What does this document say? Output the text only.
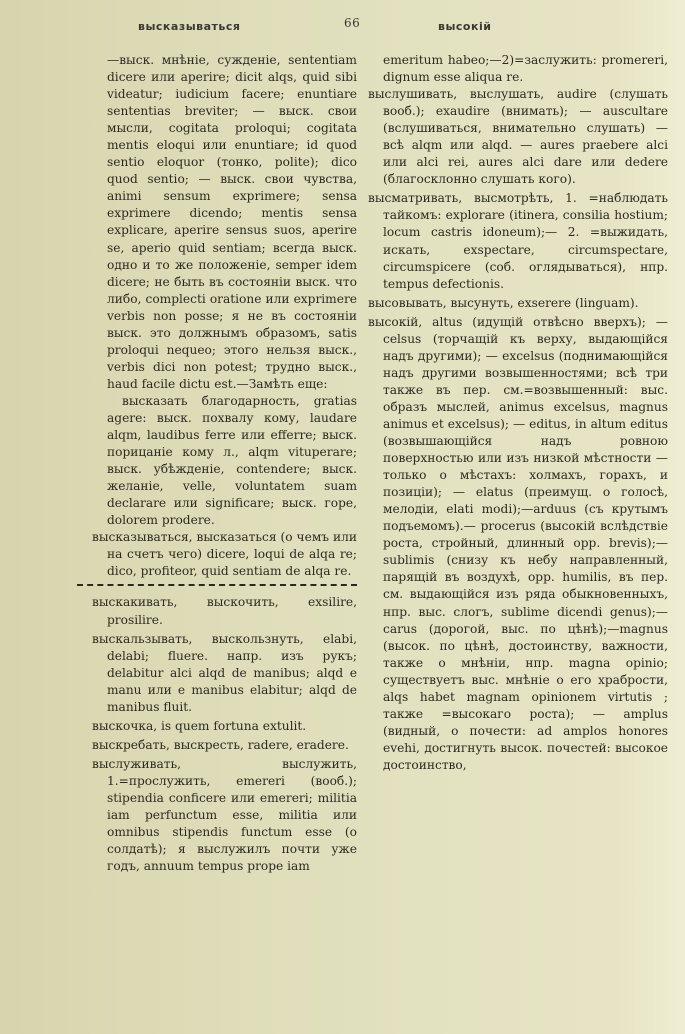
высказываться	66	высокій
—выск. мнѣніе, сужденіе, sententiam dicere или aperire; dicit alqs, quid sibi videatur; iudicium facere; enuntiare sententias breviter; — выск. свои мысли, cogitata proloqui; cogitata mentis eloqui или enuntiare; id quod sentio eloquor (тонко, polite); dico quod sentio; — выск. свои чувства, animi sensum exprimere; sensa exprimere dicendo; mentis sensa explicare, aperire sensus suos, aperire se, aperio quid sentiam; всегда выск. одно и то же положеніе, semper idem dicere; не быть въ состояніи выск. что либо, complecti oratione или exprimere verbis non posse; я не въ состояніи выск. это должнымъ образомъ, satis proloqui nequeo; этого нельзя выск., verbis dici non potest; трудно выск., haud facile dictu est.—Замѣть еще:
высказать благодарность, gratias agere: выск. похвалу кому, laudare alqm, laudibus ferre или efferre; выск. порицаніе кому л., alqm vituperare; выск. убѣжденіе, contendere; выск. желаніе, velle, voluntatem suam declarare или significare; выск. горе, dolorem prodere.
высказываться, высказаться (о чемъ или на счетъ чего) dicere, loqui de alqa re; dico, profiteor, quid sentiam de alqa re.
выскакивать, выскочить, exsilire, prosilire.
выскальзывать, выскользнуть, elabi, delabi; fluere. напр. изъ рукъ; delabitur alci alqd de manibus; alqd e manu или e manibus elabitur; alqd de manibus fluit.
выскочка, is quem fortuna extulit.
выскребать, выскресть, radere, eradere.
выслуживать, выслужить, 1.=прослужить, emereri (вооб.); stipendia conficere или emereri; militia iam perfunctum esse, militia или omnibus stipendis functum esse (о солдатѣ); я выслужилъ почти уже годъ, annuum tempus prope iam
emeritum habeo;—2)=заслужить: promereri, dignum esse aliqua re.
выслушивать, выслушать, audire (слушать вооб.); exaudire (внимать); — auscultare (вслушиваться, внимательно слушать) — всѣ alqm или alqd. — aures praebere alci или alci rei, aures alci dare или dedere (благосклонно слушать кого).
высматривать, высмотрѣть, 1. =наблюдать тайкомъ: explorare (itinera, consilia hostium; locum castris idoneum);— 2. =выжидать, искать, exspectare, circumspectare, circumspicere (соб. оглядываться), нпр. tempus defectionis.
высовывать, высунуть, exserere (linguam).
высокій, altus (идущій отвѣсно вверхъ); — celsus (торчащій къ верху, выдающійся надъ другими); — excelsus (поднимающійся надъ другими возвышенностями; всѣ три также въ пер. см.=возвышенный: выс. образъ мыслей, animus excelsus, magnus animus et excelsus); — editus, in altum editus (возвышающійся надъ ровною поверхностью или изъ низкой мѣстности — только о мѣстахъ: холмахъ, горахъ, и позиціи); — elatus (преимущ. о голосѣ, мелодіи, elati modi);—arduus (съ крутымъ подъемомъ).— procerus (высокій вслѣдствіе роста, стройный, длинный opp. brevis);—sublimis (снизу къ небу направленный, парящій въ воздухѣ, opp. humilis, въ пер. см. выдающійся изъ ряда обыкновенныхъ, нпр. выс. слогъ, sublime dicendi genus);—carus (дорогой, выс. по цѣнѣ);—magnus (высок. по цѣнѣ, достоинству, важности, также о мнѣніи, нпр. magna opinio; существуетъ выс. мнѣніе о его храбрости, alqs habet magnam opinionem virtutis ; также =высокаго роста); — amplus (видный, о почести: ad amplos honores evehi, достигнуть высок. почестей: высокое достоинство,
